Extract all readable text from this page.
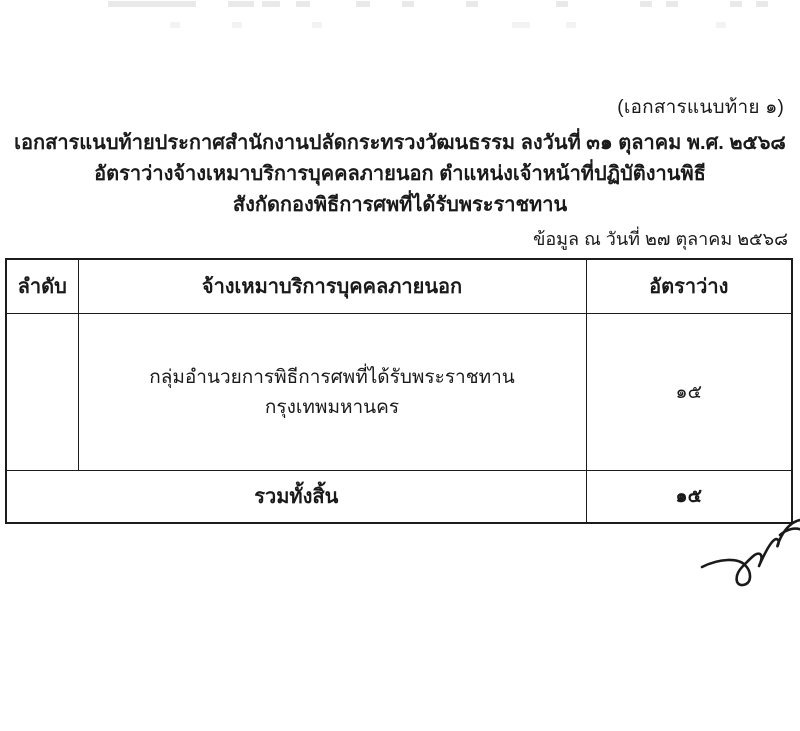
(เอกสารแนบท้าย ๑)
เอกสารแนบท้ายประกาศสำนักงานปลัดกระทรวงวัฒนธรรม ลงวันที่ ๓๑ ตุลาคม พ.ศ. ๒๕๖๘
อัตราว่างจ้างเหมาบริการบุคคลภายนอก ตำแหน่งเจ้าหน้าที่ปฏิบัติงานพิธี
สังกัดกองพิธีการศพที่ได้รับพระราชทาน
ข้อมูล ณ วันที่ ๒๗ ตุลาคม ๒๕๖๘
ลำดับ	จ้างเหมาบริการบุคคลภายนอก	อัตราว่าง
	กลุ่มอำนวยการพิธีการศพที่ได้รับพระราชทานกรุงเทพมหานคร	๑๕
รวมทั้งสิ้น		๑๕
